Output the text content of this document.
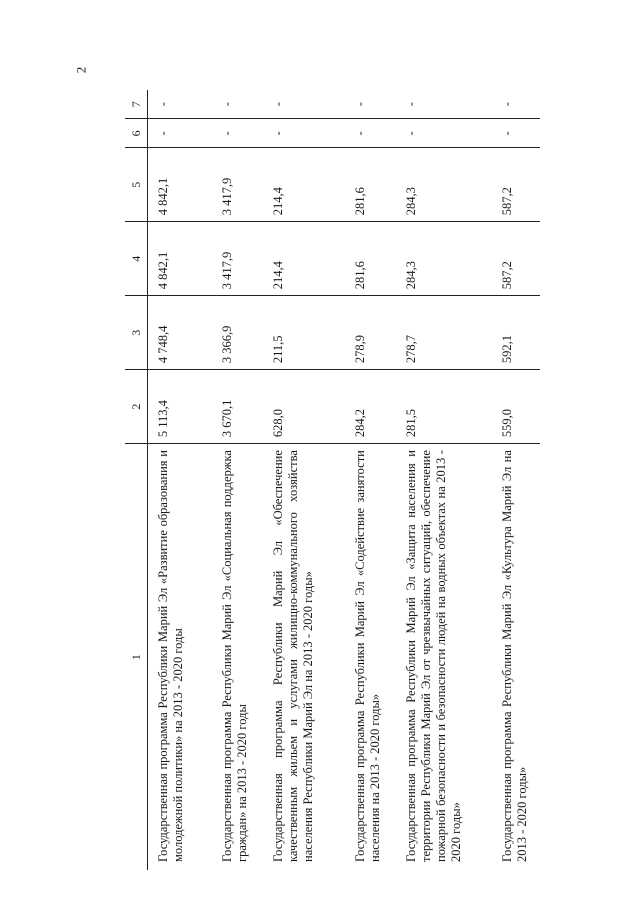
2
1	2	3	4	5	6	7
Государственная программа Республики Марий Эл «Развитие образования и молодежной политики» на 2013 - 2020 годы	5 113,4	4 748,4	4 842,1	4 842,1	-	-
Государственная программа Республики Марий Эл «Социальная поддержка граждан» на 2013 - 2020 годы	3 670,1	3 366,9	3 417,9	3 417,9	-	-
Государственная программа Республики Марий Эл «Обеспечение качественным жильем и услугами жилищно-коммунального хозяйства населения Республики Марий Эл на 2013 - 2020 годы»	628,0	211,5	214,4	214,4	-	-
Государственная программа Республики Марий Эл «Содействие занятости населения на 2013 - 2020 годы»	284,2	278,9	281,6	281,6	-	-
Государственная программа Республики Марий Эл «Защита населения и территории Республики Марий Эл от чрезвычайных ситуаций, обеспечение пожарной безопасности и безопасности людей на водных объектах на 2013 - 2020 годы»	281,5	278,7	284,3	284,3	-	-
Государственная программа Республики Марий Эл «Культура Марий Эл на 2013 - 2020 годы»	559,0	592,1	587,2	587,2	-	-
